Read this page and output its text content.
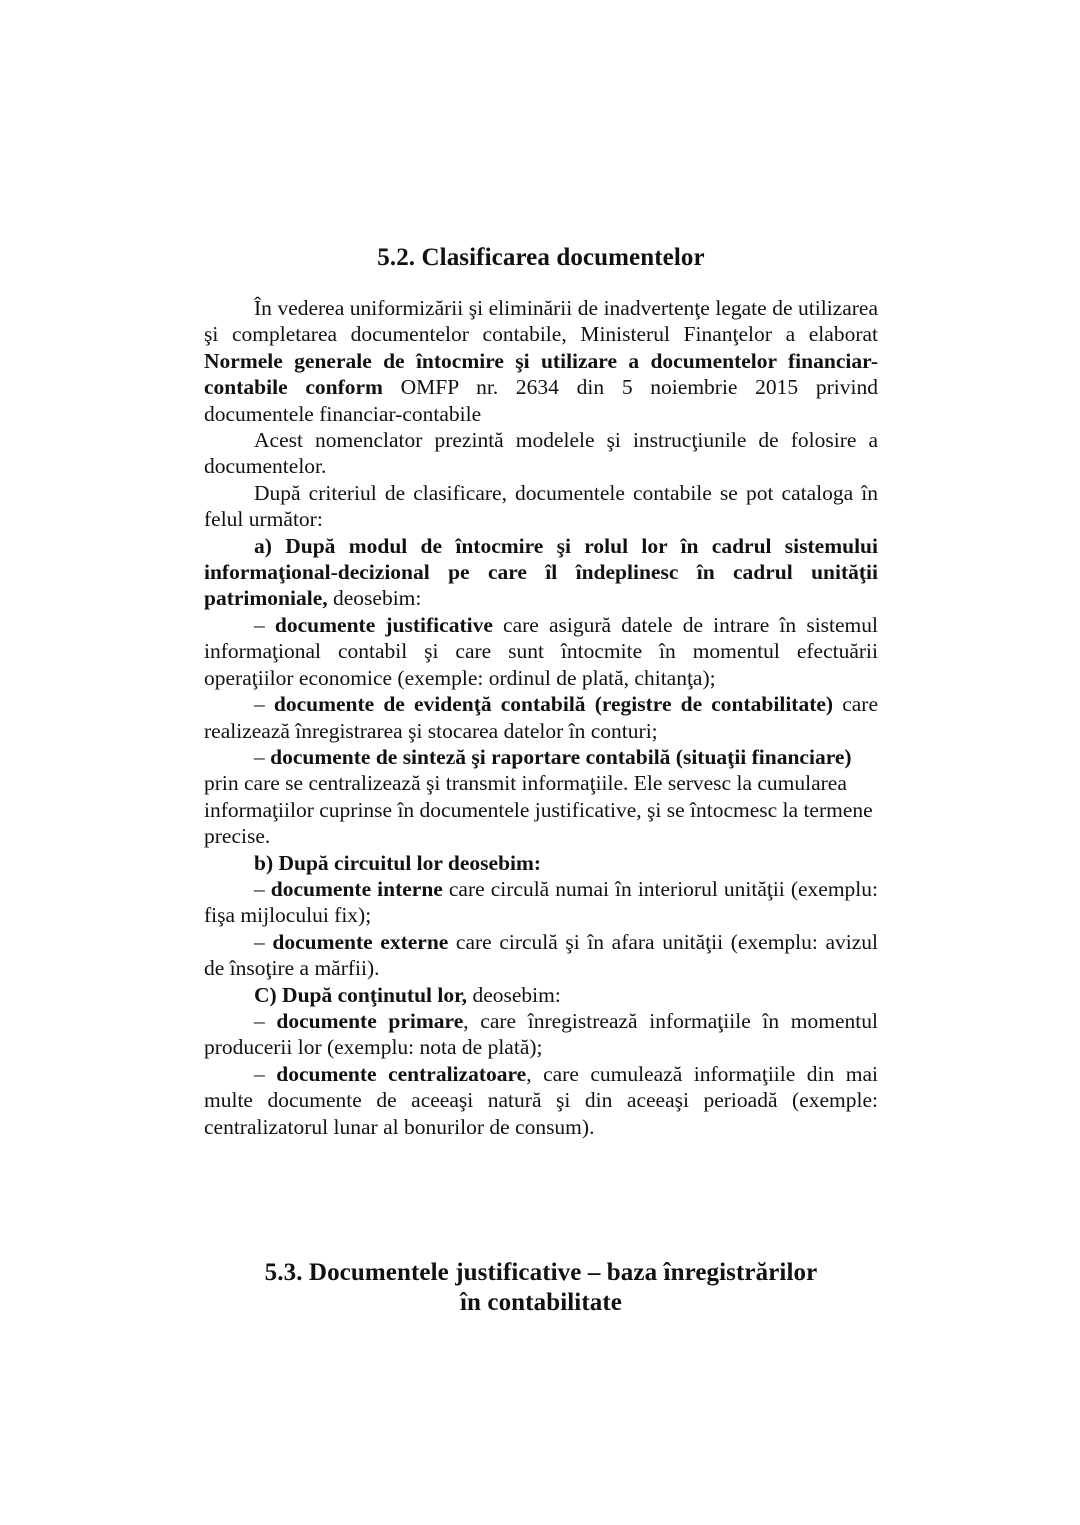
5.2. Clasificarea documentelor

În vederea uniformizării şi eliminării de inadvertenţe legate de utilizarea şi completarea documentelor contabile, Ministerul Finanţelor a elaborat Normele generale de întocmire şi utilizare a documentelor financiar-contabile conform OMFP nr. 2634 din 5 noiembrie 2015 privind documentele financiar-contabile

Acest nomenclator prezintă modelele şi instrucţiunile de folosire a documentelor.

După criteriul de clasificare, documentele contabile se pot cataloga în felul următor:

a) După modul de întocmire şi rolul lor în cadrul sistemului informaţional-decizional pe care îl îndeplinesc în cadrul unităţii patrimoniale, deosebim:

– documente justificative care asigură datele de intrare în sistemul informaţional contabil şi care sunt întocmite în momentul efectuării operaţiilor economice (exemple: ordinul de plată, chitanţa);

– documente de evidenţă contabilă (registre de contabilitate) care realizează înregistrarea şi stocarea datelor în conturi;

– documente de sinteză şi raportare contabilă (situaţii financiare) prin care se centralizează şi transmit informaţiile. Ele servesc la cumularea informaţiilor cuprinse în documentele justificative, şi se întocmesc la termene precise.

b) După circuitul lor deosebim:

– documente interne care circulă numai în interiorul unităţii (exemplu: fişa mijlocului fix);

– documente externe care circulă şi în afara unităţii (exemplu: avizul de însoţire a mărfii).

C) După conţinutul lor, deosebim:

– documente primare, care înregistrează informaţiile în momentul producerii lor (exemplu: nota de plată);

– documente centralizatoare, care cumulează informaţiile din mai multe documente de aceeaşi natură şi din aceeaşi perioadă (exemple: centralizatorul lunar al bonurilor de consum).

5.3. Documentele justificative – baza înregistrărilor
în contabilitate
